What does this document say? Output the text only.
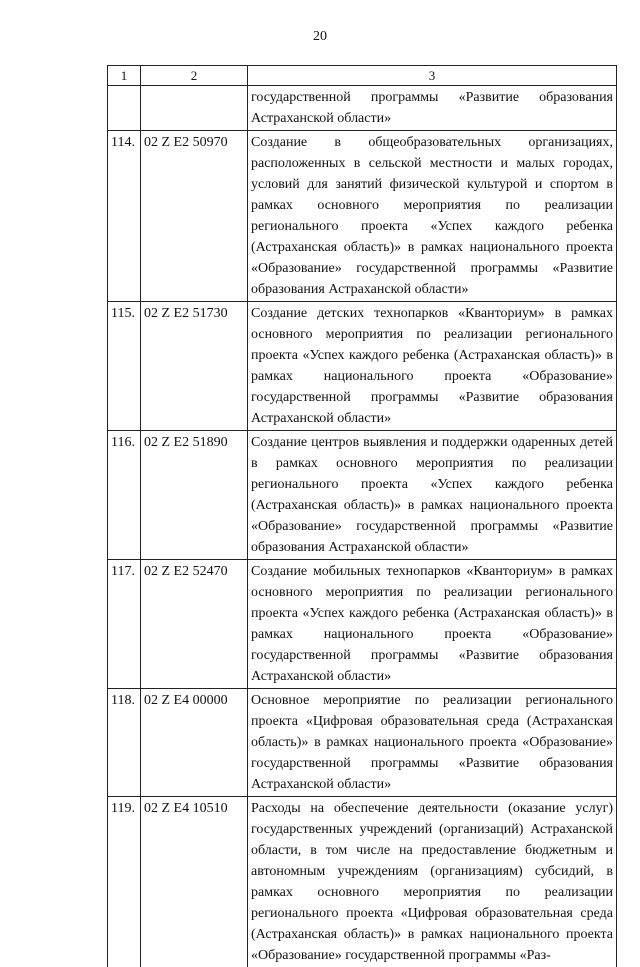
20
1	2	3
		государственной программы «Развитие образования Астраханской области»
114.	02 Z E2 50970	Создание в общеобразовательных организациях, расположенных в сельской местности и малых городах, условий для занятий физической культурой и спортом в рамках основного мероприятия по реализации регионального проекта «Успех каждого ребенка (Астраханская область)» в рамках национального проекта «Образование» государственной программы «Развитие образования Астраханской области»
115.	02 Z E2 51730	Создание детских технопарков «Кванториум» в рамках основного мероприятия по реализации регионального проекта «Успех каждого ребенка (Астраханская область)» в рамках национального проекта «Образование» государственной программы «Развитие образования Астраханской области»
116.	02 Z E2 51890	Создание центров выявления и поддержки одаренных детей в рамках основного мероприятия по реализации регионального проекта «Успех каждого ребенка (Астраханская область)» в рамках национального проекта «Образование» государственной программы «Развитие образования Астраханской области»
117.	02 Z E2 52470	Создание мобильных технопарков «Кванториум» в рамках основного мероприятия по реализации регионального проекта «Успех каждого ребенка (Астраханская область)» в рамках национального проекта «Образование» государственной программы «Развитие образования Астраханской области»
118.	02 Z E4 00000	Основное мероприятие по реализации регионального проекта «Цифровая образовательная среда (Астраханская область)» в рамках национального проекта «Образование» государственной программы «Развитие образования Астраханской области»
119.	02 Z E4 10510	Расходы на обеспечение деятельности (оказание услуг) государственных учреждений (организаций) Астраханской области, в том числе на предоставление бюджетным и автономным учреждениям (организациям) субсидий, в рамках основного мероприятия по реализации регионального проекта «Цифровая образовательная среда (Астраханская область)» в рамках национального проекта «Образование» государственной программы «Раз-
